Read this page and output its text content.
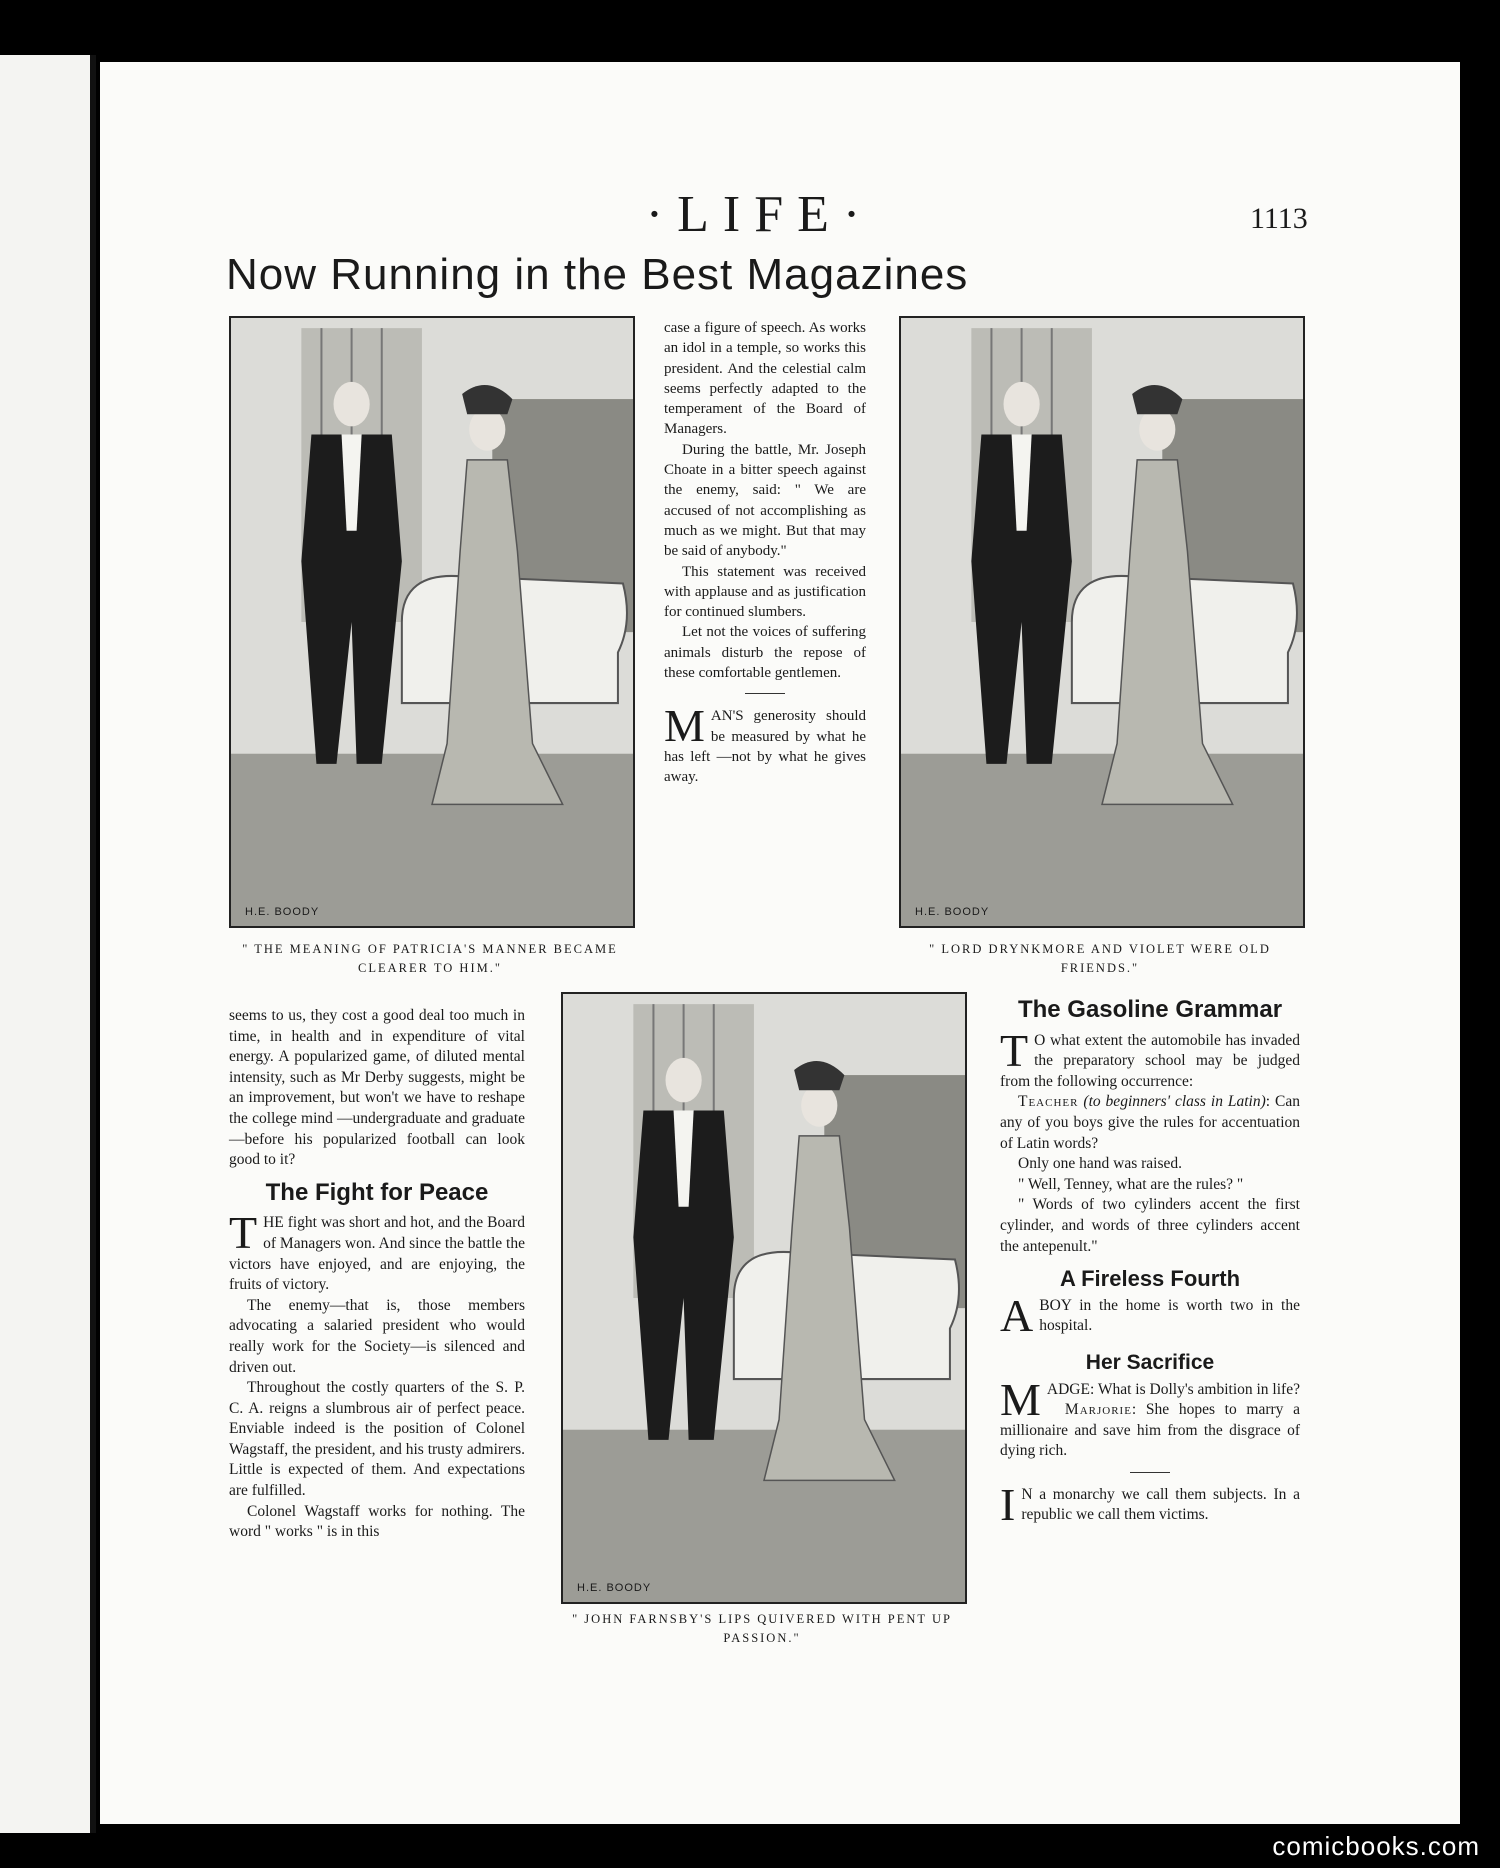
·LIFE·	1113
Now Running in the Best Magazines
H.E. BOODY
" THE MEANING OF PATRICIA'S MANNER BECAME CLEARER TO HIM."
H.E. BOODY
" LORD DRYNKMORE AND VIOLET WERE OLD FRIENDS."
H.E. BOODY
" JOHN FARNSBY'S LIPS QUIVERED WITH PENT UP PASSION."

case a figure of speech. As works an idol in a temple, so works this president. And the celestial calm seems perfectly adapted to the temperament of the Board of Managers.

During the battle, Mr. Joseph Choate in a bitter speech against the enemy, said: " We are accused of not accomplishing as much as we might. But that may be said of anybody."

This statement was received with applause and as justification for continued slumbers.

Let not the voices of suffering animals disturb the repose of these comfortable gentlemen.

MAN'S generosity should be measured by what he has left —not by what he gives away.

seems to us, they cost a good deal too much in time, in health and in expenditure of vital energy. A popularized game, of diluted mental intensity, such as Mr Derby suggests, might be an improvement, but won't we have to reshape the college mind —undergraduate and graduate—before his popularized football can look good to it?

The Fight for Peace

THE fight was short and hot, and the Board of Managers won. And since the battle the victors have enjoyed, and are enjoying, the fruits of victory.

The enemy—that is, those members advocating a salaried president who would really work for the Society—is silenced and driven out.

Throughout the costly quarters of the S. P. C. A. reigns a slumbrous air of perfect peace. Enviable indeed is the position of Colonel Wagstaff, the president, and his trusty admirers. Little is expected of them. And expectations are fulfilled.

Colonel Wagstaff works for nothing. The word " works " is in this

The Gasoline Grammar

T O what extent the automobile has invaded the preparatory school may be judged from the following occurrence:

Teacher (to beginners' class in Latin): Can any of you boys give the rules for accentuation of Latin words?

Only one hand was raised.

" Well, Tenney, what are the rules? "

" Words of two cylinders accent the first cylinder, and words of three cylinders accent the antepenult."

A Fireless Fourth

ABOY in the home is worth two in the hospital.

Her Sacrifice

MADGE: What is Dolly's ambition in life?

Marjorie: She hopes to marry a millionaire and save him from the disgrace of dying rich.

I N a monarchy we call them subjects. In a republic we call them victims.

comicbooks.com
